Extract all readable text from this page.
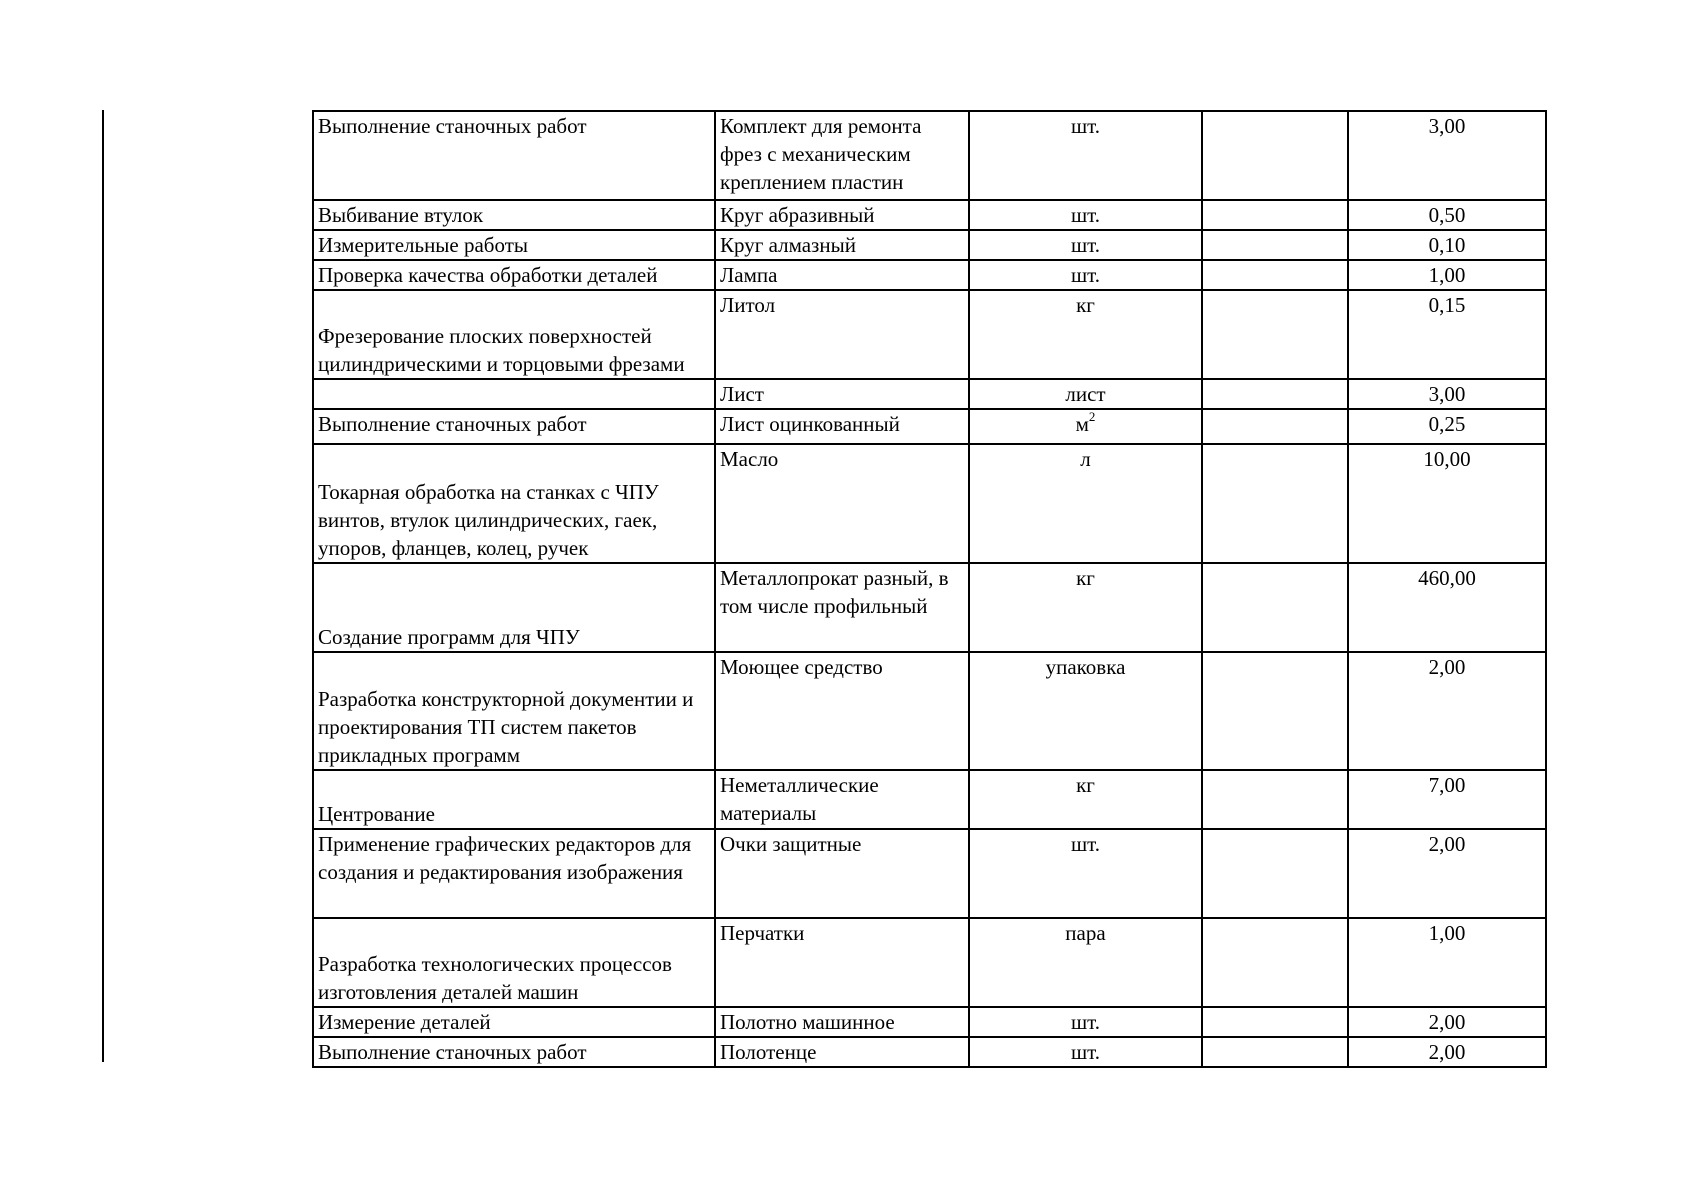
Выполнение станочных работ	Комплект для ремонта фрез с механическим креплением пластин	шт.		3,00
Выбивание втулок	Круг абразивный	шт.		0,50
Измерительные работы	Круг алмазный	шт.		0,10
Проверка качества обработки деталей	Лампа	шт.		1,00
Фрезерование плоских поверхностей цилиндрическими и торцовыми фрезами	Литол	кг		0,15
	Лист	лист		3,00
Выполнение станочных работ	Лист оцинкованный	$м^2$		0,25
Токарная обработка на станках с ЧПУ винтов, втулок цилиндрических, гаек, упоров, фланцев, колец, ручек	Масло	л		10,00
Создание программ для ЧПУ	Металлопрокат разный, в том числе профильный	кг		460,00
Разработка конструкторной документии и проектирования ТП систем пакетов прикладных программ	Моющее средство	упаковка		2,00
Центрование	Неметаллические материалы	кг		7,00
Применение графических редакторов для создания и редактирования изображения	Очки защитные	шт.		2,00
Разработка технологических процессов изготовления деталей машин	Перчатки	пара		1,00
Измерение деталей	Полотно машинное	шт.		2,00
Выполнение станочных работ	Полотенце	шт.		2,00
